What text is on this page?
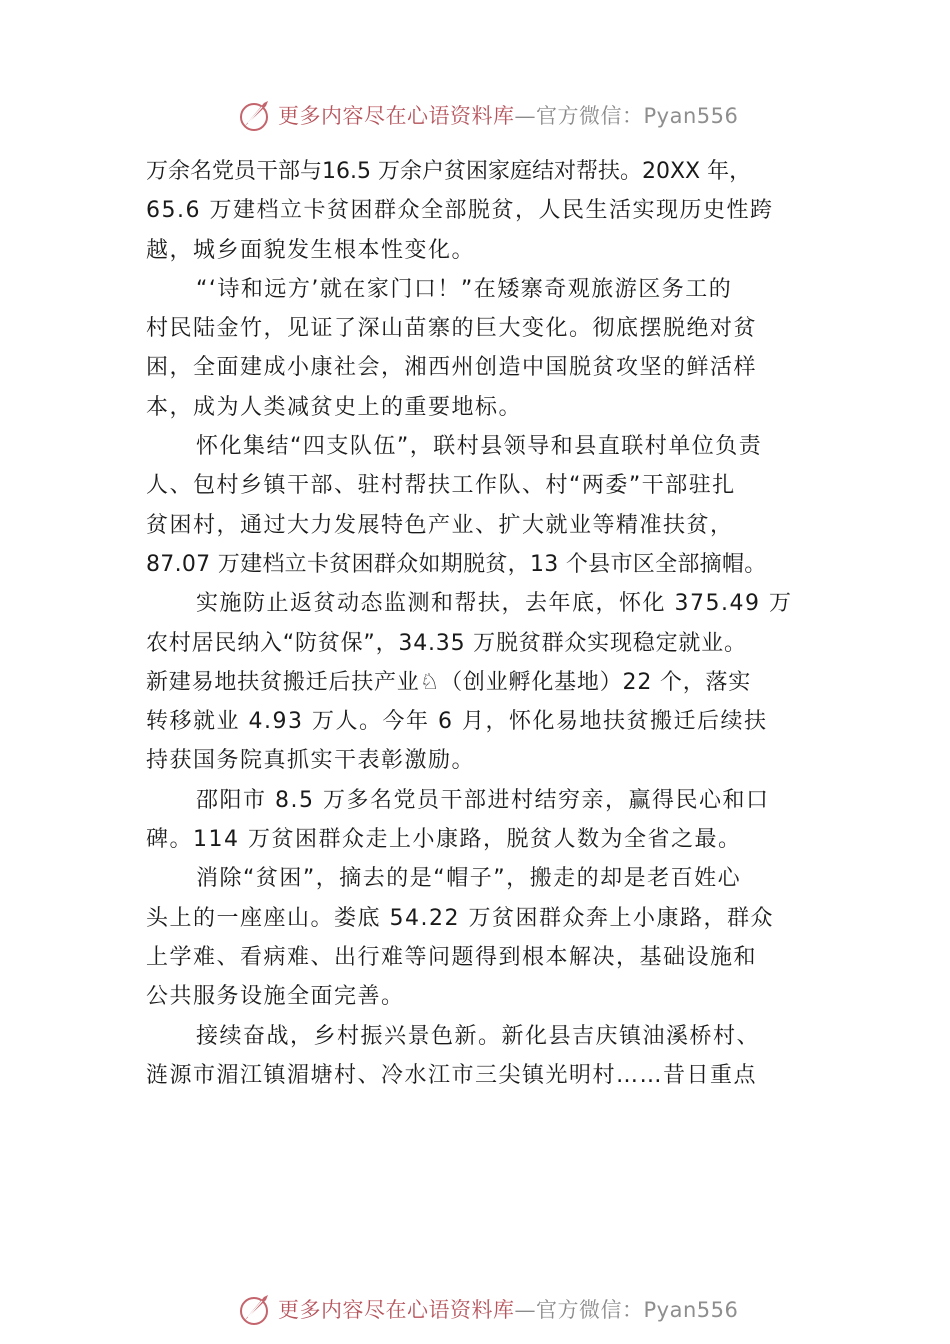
更多内容尽在心语资料库—官方微信：Pyan556
万余名党员干部与16.5 万余户贫困家庭结对帮扶。20XX 年，
65.6 万建档立卡贫困群众全部脱贫，人民生活实现历史性跨
越，城乡面貌发生根本性变化。
“‘诗和远方’就在家门口！”在矮寨奇观旅游区务工的
村民陆金竹，见证了深山苗寨的巨大变化。彻底摆脱绝对贫
困，全面建成小康社会，湘西州创造中国脱贫攻坚的鲜活样
本，成为人类减贫史上的重要地标。
怀化集结“四支队伍”，联村县领导和县直联村单位负责
人、包村乡镇干部、驻村帮扶工作队、村“两委”干部驻扎
贫困村，通过大力发展特色产业、扩大就业等精准扶贫，
87.07 万建档立卡贫困群众如期脱贫，13 个县市区全部摘帽。
实施防止返贫动态监测和帮扶，去年底，怀化 375.49 万
农村居民纳入“防贫保”，34.35 万脱贫群众实现稳定就业。
新建易地扶贫搬迁后扶产业♘（创业孵化基地）22 个，落实
转移就业 4.93 万人。今年 6 月，怀化易地扶贫搬迁后续扶
持获国务院真抓实干表彰激励。
邵阳市 8.5 万多名党员干部进村结穷亲，赢得民心和口
碑。114 万贫困群众走上小康路，脱贫人数为全省之最。
消除“贫困”，摘去的是“帽子”，搬走的却是老百姓心
头上的一座座山。娄底 54.22 万贫困群众奔上小康路，群众
上学难、看病难、出行难等问题得到根本解决，基础设施和
公共服务设施全面完善。
接续奋战，乡村振兴景色新。新化县吉庆镇油溪桥村、
涟源市湄江镇湄塘村、冷水江市三尖镇光明村……昔日重点
更多内容尽在心语资料库—官方微信：Pyan556
